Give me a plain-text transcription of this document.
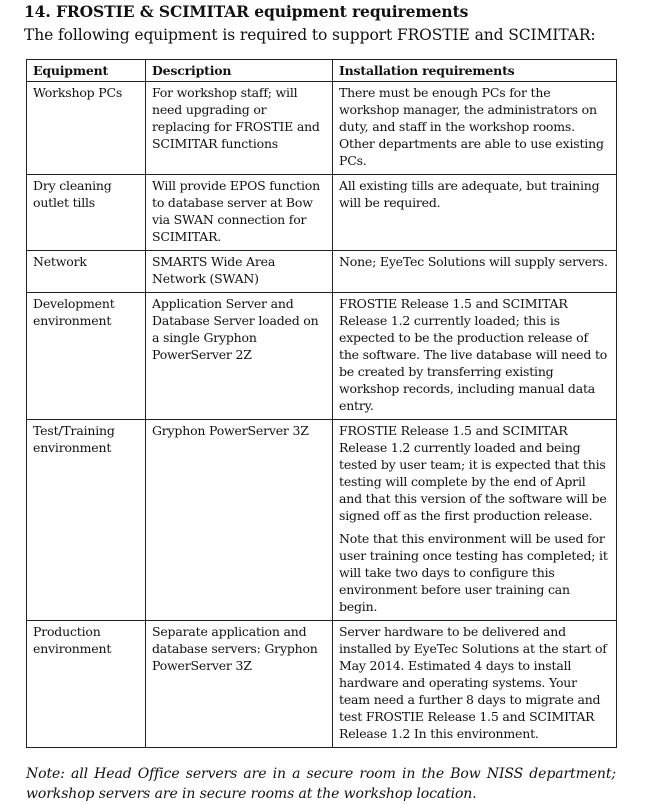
14. FROSTIE & SCIMITAR equipment requirements

The following equipment is required to support FROSTIE and SCIMITAR:

Equipment	Description	Installation requirements
Workshop PCs	For workshop staff; will need upgrading or replacing for FROSTIE and SCIMITAR functions	There must be enough PCs for the workshop manager, the administrators on duty, and staff in the workshop rooms. Other departments are able to use existing PCs.
Dry cleaning outlet tills	Will provide EPOS function to database server at Bow via SWAN connection for SCIMITAR.	All existing tills are adequate, but training will be required.
Network	SMARTS Wide Area Network (SWAN)	None; EyeTec Solutions will supply servers.
Development environment	Application Server and Database Server loaded on a single Gryphon PowerServer 2Z	FROSTIE Release 1.5 and SCIMITAR Release 1.2 currently loaded; this is expected to be the production release of the software. The live database will need to be created by transferring existing workshop records, including manual data entry.
Test/Training environment	Gryphon PowerServer 3Z	FROSTIE Release 1.5 and SCIMITAR Release 1.2 currently loaded and being tested by user team; it is expected that this testing will complete by the end of April and that this version of the software will be signed off as the first production release.
Note that this environment will be used for user training once testing has completed; it will take two days to configure this environment before user training can begin.

Production environment	Separate application and database servers: Gryphon PowerServer 3Z	Server hardware to be delivered and installed by EyeTec Solutions at the start of May 2014. Estimated 4 days to install hardware and operating systems. Your team need a further 8 days to migrate and test FROSTIE Release 1.5 and SCIMITAR Release 1.2 In this environment.

Note: all Head Office servers are in a secure room in the Bow NISS department; workshop servers are in secure rooms at the workshop location.
